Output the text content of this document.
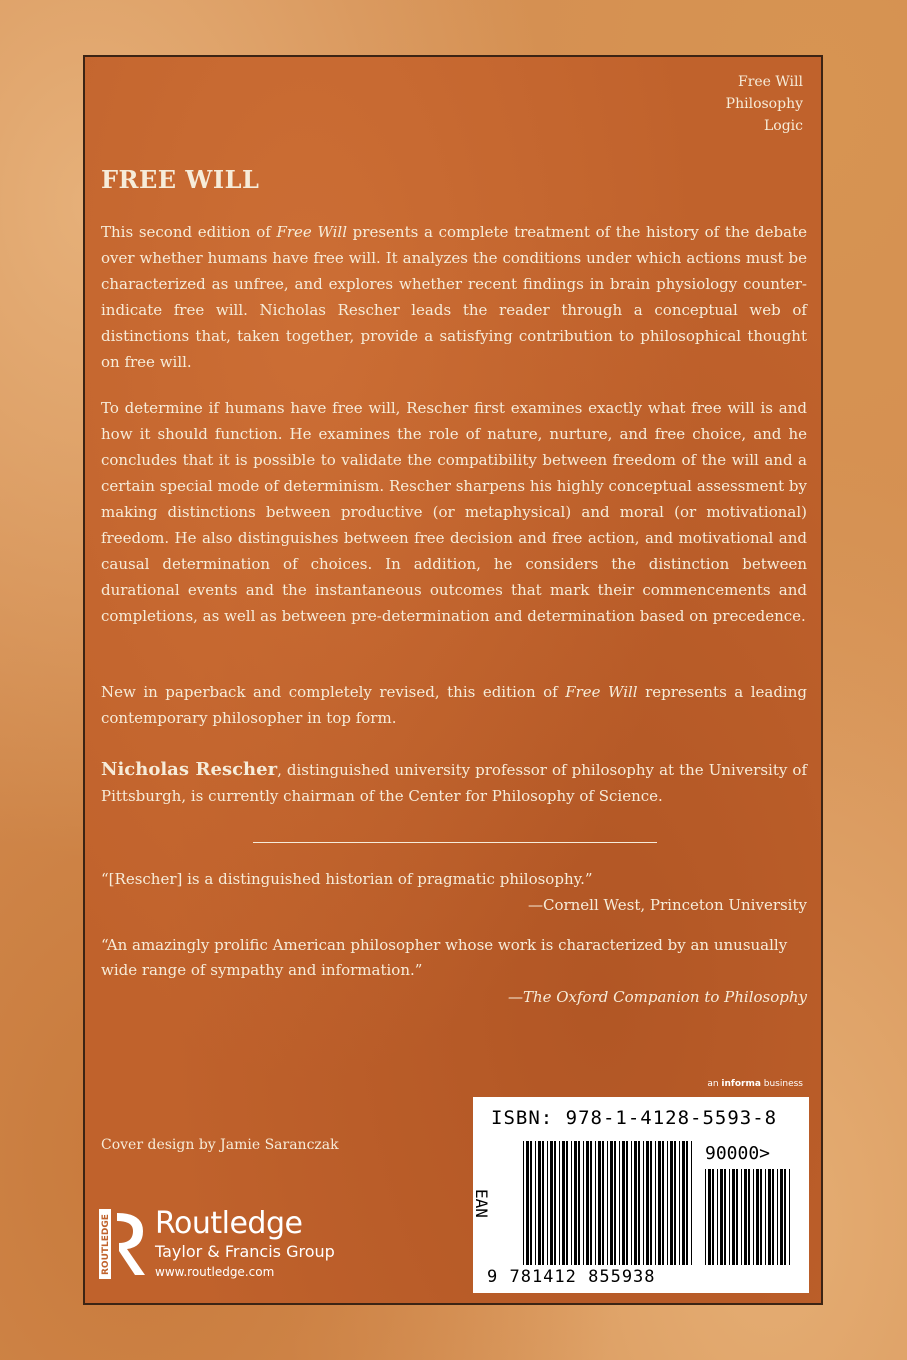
Free Will
Philosophy
Logic
FREE WILL

This second edition of Free Will presents a complete treatment of the history of the debate over whether humans have free will. It analyzes the conditions under which actions must be characterized as unfree, and explores whether recent findings in brain physiology counter-indicate free will. Nicholas Rescher leads the reader through a conceptual web of distinctions that, taken together, provide a satisfying contribution to philosophical thought on free will.

To determine if humans have free will, Rescher first examines exactly what free will is and how it should function. He examines the role of nature, nurture, and free choice, and he concludes that it is possible to validate the compatibility between freedom of the will and a certain special mode of determinism. Rescher sharpens his highly conceptual assessment by making distinctions between productive (or metaphysical) and moral (or motivational) freedom. He also distinguishes between free decision and free action, and motivational and causal determination of choices. In addition, he considers the distinction between durational events and the instantaneous outcomes that mark their commencements and completions, as well as between pre-determination and determination based on precedence.

New in paperback and completely revised, this edition of Free Will represents a leading contemporary philosopher in top form.

Nicholas Rescher, distinguished university professor of philosophy at the University of Pittsburgh, is currently chairman of the Center for Philosophy of Science.

“[Rescher] is a distinguished historian of pragmatic philosophy.”

—Cornell West, Princeton University

“An amazingly prolific American philosopher whose work is characterized by an unusually wide range of sympathy and information.”

—The Oxford Companion to Philosophy

an informa business
Cover design by Jamie Saranczak
ISBN: 978-1-4128-5593-8
EAN
90000>
9 781412 855938
ROUTLEDGE Routledge
Taylor & Francis Group
www.routledge.com
